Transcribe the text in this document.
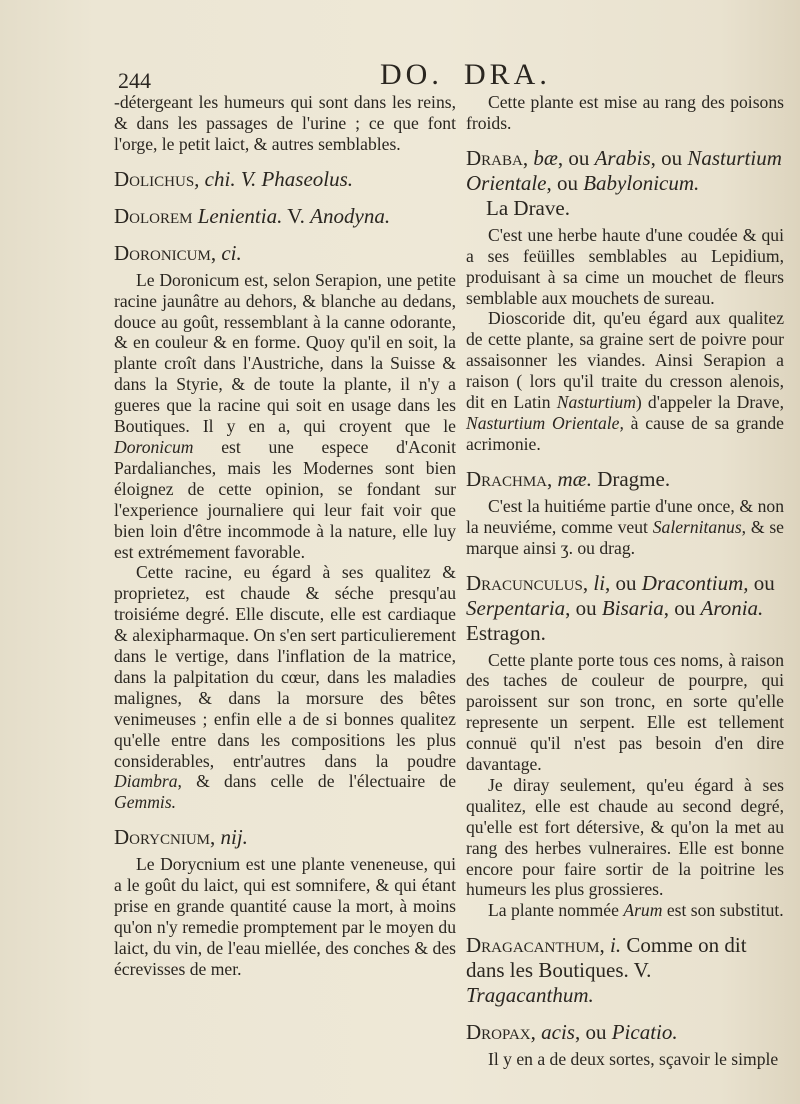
244	DO. DRA.

-détergeant les humeurs qui sont dans les reins, & dans les passages de l'urine ; ce que font l'orge, le petit laict, & autres semblables.

Dolichus, chi. V. Phaseolus.
Dolorem Lenientia. V. Anodyna.
Doronicum, ci.

Le Doronicum est, selon Serapion, une petite racine jaunâtre au dehors, & blanche au dedans, douce au goût, ressemblant à la canne odorante, & en couleur & en forme. Quoy qu'il en soit, la plante croît dans l'Austriche, dans la Suisse & dans la Styrie, & de toute la plante, il n'y a gueres que la racine qui soit en usage dans les Boutiques. Il y en a, qui croyent que le Doronicum est une espece d'Aconit Pardalianches, mais les Modernes sont bien éloignez de cette opinion, se fondant sur l'experience journaliere qui leur fait voir que bien loin d'être incommode à la nature, elle luy est extrémement favorable.

Cette racine, eu égard à ses qualitez & proprietez, est chaude & séche presqu'au troisiéme degré. Elle discute, elle est cardiaque & alexipharmaque. On s'en sert particulierement dans le vertige, dans l'inflation de la matrice, dans la palpitation du cœur, dans les maladies malignes, & dans la morsure des bêtes venimeuses ; enfin elle a de si bonnes qualitez qu'elle entre dans les compositions les plus considerables, entr'autres dans la poudre Diambra, & dans celle de l'électuaire de Gemmis.

Dorycnium, nij.

Le Dorycnium est une plante veneneuse, qui a le goût du laict, qui est somnifere, & qui étant prise en grande quantité cause la mort, à moins qu'on n'y remedie promptement par le moyen du laict, du vin, de l'eau miellée, des conches & des écrevisses de mer.

Cette plante est mise au rang des poisons froids.

Draba, bæ, ou Arabis, ou Nasturtium Orientale, ou Babylonicum.
La Drave.

C'est une herbe haute d'une coudée & qui a ses feüilles semblables au Lepidium, produisant à sa cime un mouchet de fleurs semblable aux mouchets de sureau.

Dioscoride dit, qu'eu égard aux qualitez de cette plante, sa graine sert de poivre pour assaisonner les viandes. Ainsi Serapion a raison ( lors qu'il traite du cresson alenois, dit en Latin Nasturtium) d'appeler la Drave, Nasturtium Orientale, à cause de sa grande acrimonie.

Drachma, mæ. Dragme.

C'est la huitiéme partie d'une once, & non la neuviéme, comme veut Salernitanus, & se marque ainsi ʒ. ou drag.

Dracunculus, li, ou Dracontium, ou Serpentaria, ou Bisaria, ou Aronia. Estragon.

Cette plante porte tous ces noms, à raison des taches de couleur de pourpre, qui paroissent sur son tronc, en sorte qu'elle represente un serpent. Elle est tellement connuë qu'il n'est pas besoin d'en dire davantage.

Je diray seulement, qu'eu égard à ses qualitez, elle est chaude au second degré, qu'elle est fort détersive, & qu'on la met au rang des herbes vulneraires. Elle est bonne encore pour faire sortir de la poitrine les humeurs les plus grossieres.

La plante nommée Arum est son substitut.

Dragacanthum, i. Comme on dit dans les Boutiques. V. Tragacanthum.
Dropax, acis, ou Picatio.

Il y en a de deux sortes, sçavoir le simple
